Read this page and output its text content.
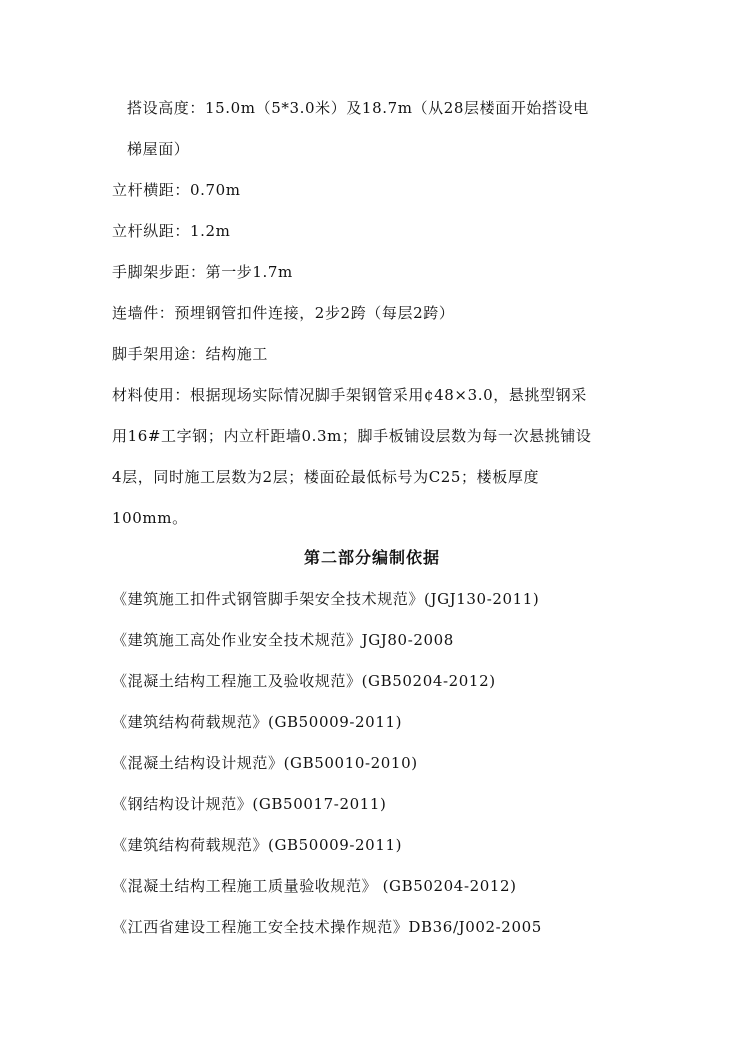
搭设高度：15.0m（5*3.0米）及18.7m（从28层楼面开始搭设电
梯屋面）
立杆横距：0.70m
立杆纵距：1.2m
手脚架步距：第一步1.7m
连墙件：预埋钢管扣件连接，2步2跨（每层2跨）
脚手架用途：结构施工
材料使用：根据现场实际情况脚手架钢管采用¢48×3.0，悬挑型钢采
用16#工字钢；内立杆距墙0.3m；脚手板铺设层数为每一次悬挑铺设
4层，同时施工层数为2层；楼面砼最低标号为C25；楼板厚度
100mm。
第二部分编制依据
《建筑施工扣件式钢管脚手架安全技术规范》(JGJ130-2011)
《建筑施工高处作业安全技术规范》JGJ80-2008
《混凝土结构工程施工及验收规范》(GB50204-2012)
《建筑结构荷载规范》(GB50009-2011)
《混凝土结构设计规范》(GB50010-2010)
《钢结构设计规范》(GB50017-2011)
《建筑结构荷载规范》(GB50009-2011)
《混凝土结构工程施工质量验收规范》 (GB50204-2012)
《江西省建设工程施工安全技术操作规范》DB36/J002-2005
